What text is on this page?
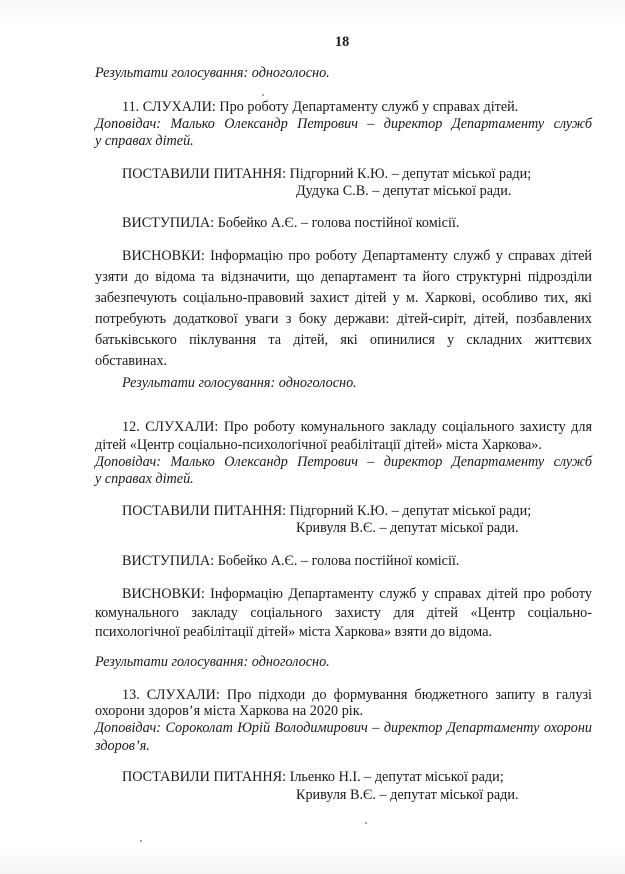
18
Результати голосування: одноголосно.
11. СЛУХАЛИ: Про роботу Департаменту служб у справах дітей.
Доповідач: Малько Олександр Петрович – директор Департаменту служб
у справах дітей.
ПОСТАВИЛИ ПИТАННЯ: Підгорний К.Ю. – депутат міської ради;
Дудука С.В. – депутат міської ради.
ВИСТУПИЛА: Бобейко А.Є. – голова постійної комісії.
ВИСНОВКИ: Інформацію про роботу Департаменту служб у справах дітей
узяти до відома та відзначити, що департамент та його структурні підрозділи
забезпечують соціально-правовий захист дітей у м. Харкові, особливо тих, які
потребують додаткової уваги з боку держави: дітей-сиріт, дітей, позбавлених
батьківського піклування та дітей, які опинилися у складних життєвих
обставинах.
Результати голосування: одноголосно.
12. СЛУХАЛИ: Про роботу комунального закладу соціального захисту для
дітей «Центр соціально-психологічної реабілітації дітей» міста Харкова».
Доповідач: Малько Олександр Петрович – директор Департаменту служб
у справах дітей.
ПОСТАВИЛИ ПИТАННЯ: Підгорний К.Ю. – депутат міської ради;
Кривуля В.Є. – депутат міської ради.
ВИСТУПИЛА: Бобейко А.Є. – голова постійної комісії.
ВИСНОВКИ: Інформацію Департаменту служб у справах дітей про роботу
комунального закладу соціального захисту для дітей «Центр соціально-
психологічної реабілітації дітей» міста Харкова» взяти до відома.
Результати голосування: одноголосно.
13. СЛУХАЛИ: Про підходи до формування бюджетного запиту в галузі
охорони здоров’я міста Харкова на 2020 рік.
Доповідач: Сороколат Юрій Володимирович – директор Департаменту охорони
здоров’я.
ПОСТАВИЛИ ПИТАННЯ: Ільенко Н.І. – депутат міської ради;
Кривуля В.Є. – депутат міської ради.
